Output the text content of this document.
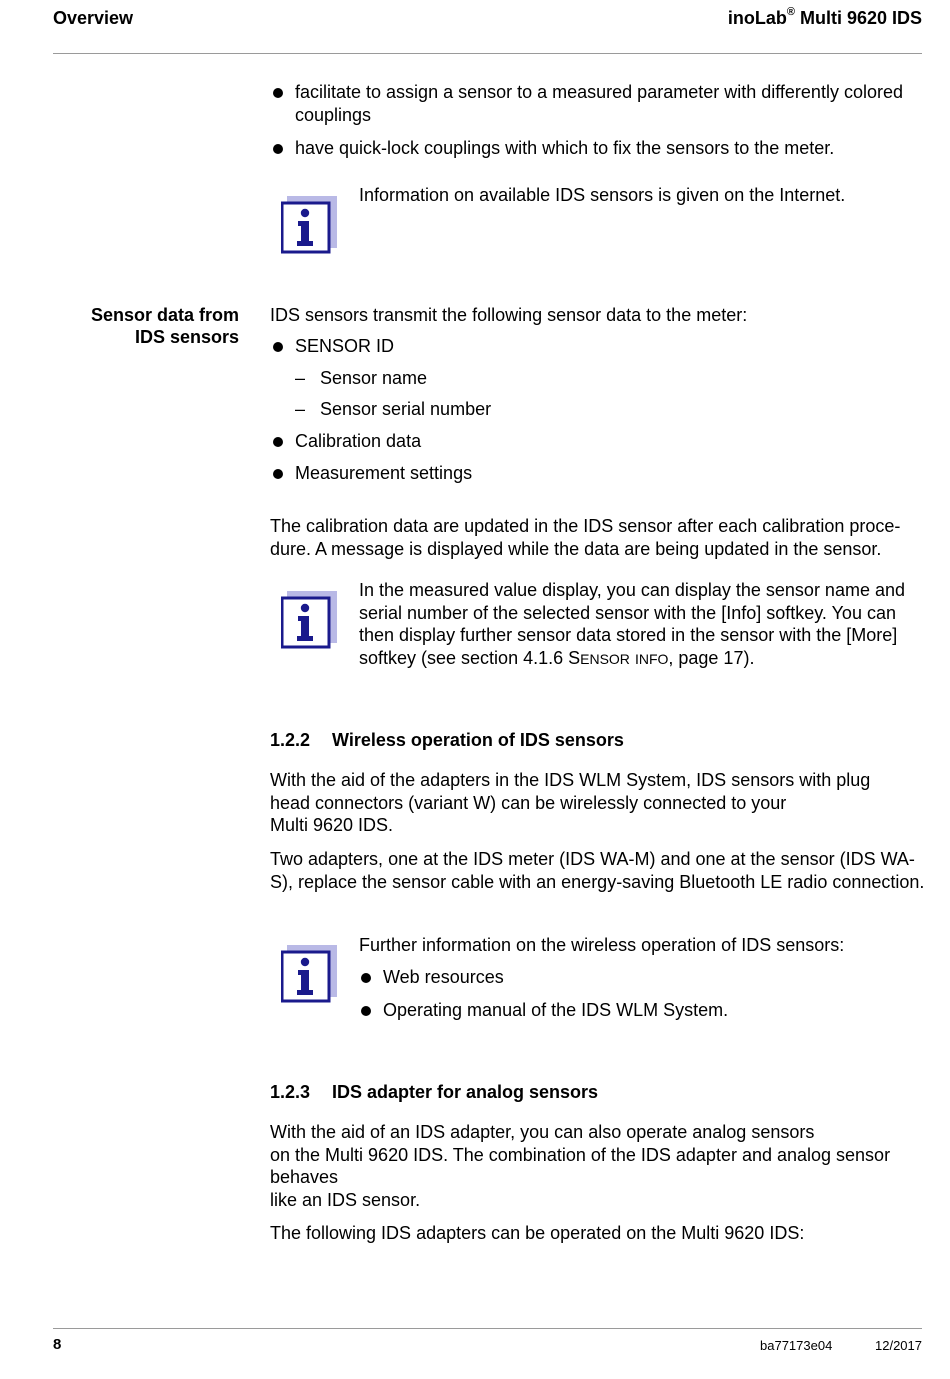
Overview	inoLab® Multi 9620 IDS
facilitate to assign a sensor to a measured parameter with differently colored couplings
have quick-lock couplings with which to fix the sensors to the meter.

Information on available IDS sensors is given on the Internet.

Sensor data from
IDS sensors

IDS sensors transmit the following sensor data to the meter:

SENSOR ID
– Sensor name
– Sensor serial number
Calibration data
Measurement settings

The calibration data are updated in the IDS sensor after each calibration proce-dure. A message is displayed while the data are being updated in the sensor.

In the measured value display, you can display the sensor name and serial number of the selected sensor with the [Info] softkey. You can then display further sensor data stored in the sensor with the [More] softkey (see section 4.1.6 SENSOR INFO, page 17).

1.2.2 Wireless operation of IDS sensors

With the aid of the adapters in the IDS WLM System, IDS sensors with plug
head connectors (variant W) can be wirelessly connected to your
Multi 9620 IDS.

Two adapters, one at the IDS meter (IDS WA-M) and one at the sensor (IDS WA-S), replace the sensor cable with an energy-saving Bluetooth LE radio connection.

Further information on the wireless operation of IDS sensors:

Web resources
Operating manual of the IDS WLM System.
1.2.3 IDS adapter for analog sensors

With the aid of an IDS adapter, you can also operate analog sensors
on the Multi 9620 IDS. The combination of the IDS adapter and analog sensor
behaves
like an IDS sensor.

The following IDS adapters can be operated on the Multi 9620 IDS:

8	ba77173e04	12/2017
